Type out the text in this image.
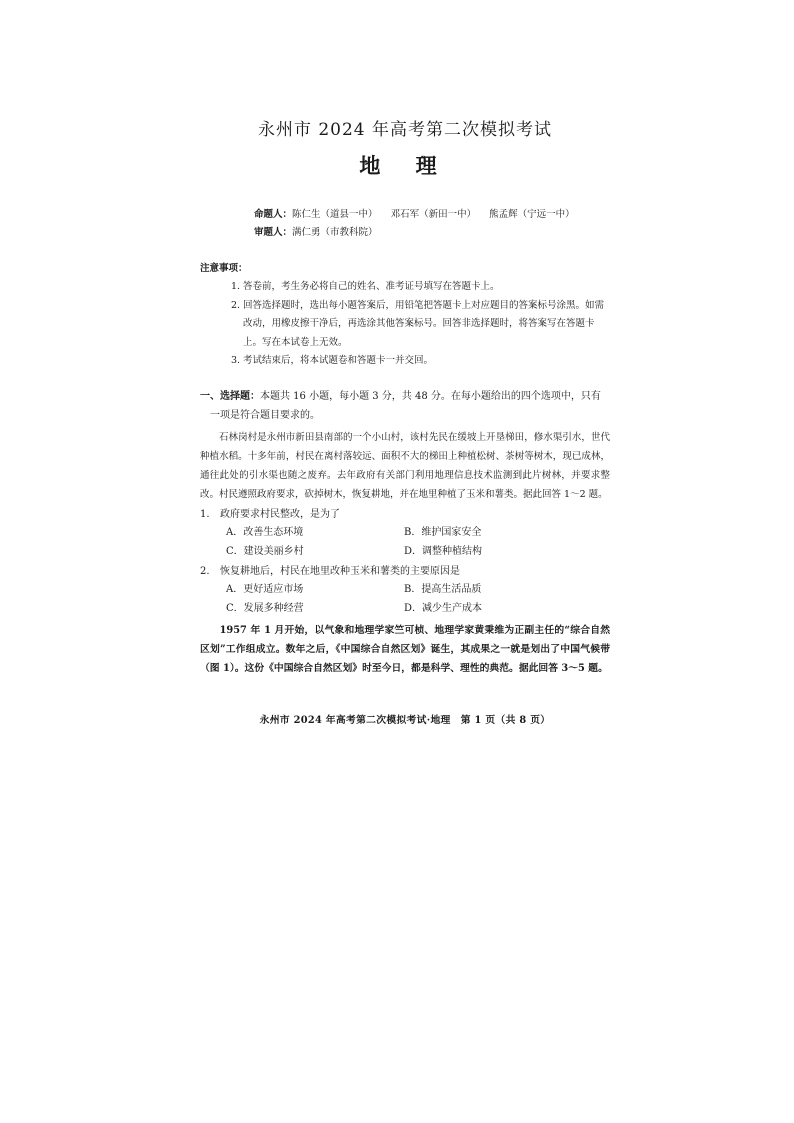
永州市 2024 年高考第二次模拟考试
地 理
命题人：陈仁生（道县一中） 邓石军（新田一中） 熊孟辉（宁远一中）
审题人：满仁勇（市教科院）
注意事项：
1. 答卷前，考生务必将自己的姓名、准考证号填写在答题卡上。
2. 回答选择题时，选出每小题答案后，用铅笔把答题卡上对应题目的答案标号涂黑。如需改动，用橡皮擦干净后，再选涂其他答案标号。回答非选择题时，将答案写在答题卡上。写在本试卷上无效。
3. 考试结束后，将本试题卷和答题卡一并交回。
一、选择题：本题共 16 小题，每小题 3 分，共 48 分。在每小题给出的四个选项中，只有
一项是符合题目要求的。

石林岗村是永州市新田县南部的一个小山村，该村先民在缓坡上开垦梯田，修水渠引水，世代种植水稻。十多年前，村民在离村落较远、面积不大的梯田上种植松树、茶树等树木，现已成林，通往此处的引水渠也随之废弃。去年政府有关部门利用地理信息技术监测到此片树林，并要求整改。村民遵照政府要求，砍掉树木，恢复耕地，并在地里种植了玉米和薯类。据此回答 1～2 题。

1.	政府要求村民整改，是为了
A．改善生态环境	B．维护国家安全
C．建设美丽乡村	D．调整种植结构
2.	恢复耕地后，村民在地里改种玉米和薯类的主要原因是
A．更好适应市场	B．提高生活品质
C．发展多种经营	D．减少生产成本

1957 年 1 月开始，以气象和地理学家竺可桢、地理学家黄秉维为正副主任的“综合自然区划”工作组成立。数年之后，《中国综合自然区划》诞生，其成果之一就是划出了中国气候带（图 1）。这份《中国综合自然区划》时至今日，都是科学、理性的典范。据此回答 3～5 题。

永州市 2024 年高考第二次模拟考试·地理　第 1 页（共 8 页）
